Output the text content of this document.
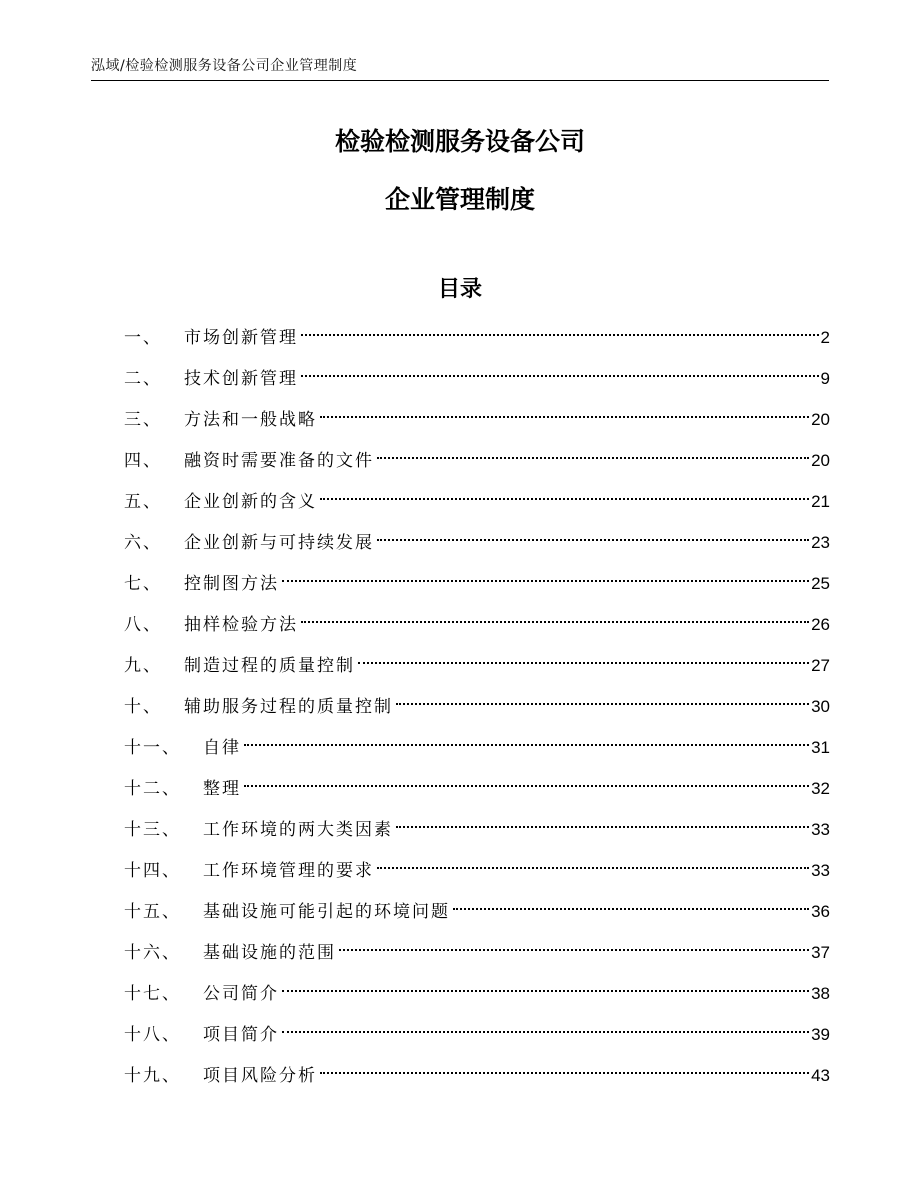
泓域/检验检测服务设备公司企业管理制度
检验检测服务设备公司
企业管理制度
目录
一、 市场创新管理	2
二、 技术创新管理	9
三、 方法和一般战略	20
四、 融资时需要准备的文件	20
五、 企业创新的含义	21
六、 企业创新与可持续发展	23
七、 控制图方法	25
八、 抽样检验方法	26
九、 制造过程的质量控制	27
十、 辅助服务过程的质量控制	30
十一、 自律	31
十二、 整理	32
十三、 工作环境的两大类因素	33
十四、 工作环境管理的要求	33
十五、 基础设施可能引起的环境问题	36
十六、 基础设施的范围	37
十七、 公司简介	38
十八、 项目简介	39
十九、 项目风险分析	43
